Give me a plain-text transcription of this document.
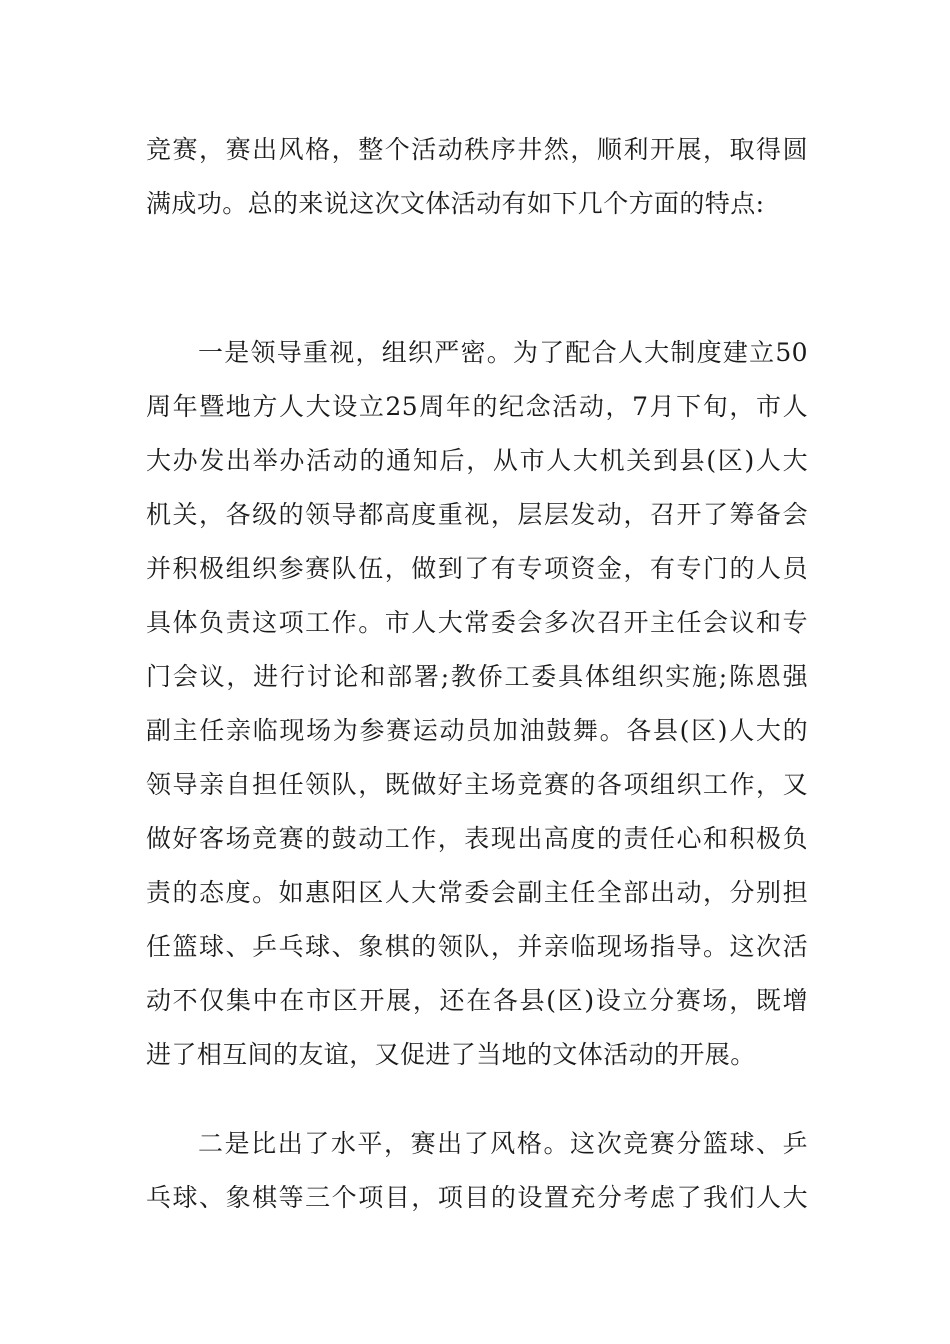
竞赛，赛出风格，整个活动秩序井然，顺利开展，取得圆
满成功。总的来说这次文体活动有如下几个方面的特点:
一是领导重视，组织严密。为了配合人大制度建立50
周年暨地方人大设立25周年的纪念活动，7月下旬，市人
大办发出举办活动的通知后，从市人大机关到县(区)人大
机关，各级的领导都高度重视，层层发动，召开了筹备会
并积极组织参赛队伍，做到了有专项资金，有专门的人员
具体负责这项工作。市人大常委会多次召开主任会议和专
门会议，进行讨论和部署;教侨工委具体组织实施;陈恩强
副主任亲临现场为参赛运动员加油鼓舞。各县(区)人大的
领导亲自担任领队，既做好主场竞赛的各项组织工作，又
做好客场竞赛的鼓动工作，表现出高度的责任心和积极负
责的态度。如惠阳区人大常委会副主任全部出动，分别担
任篮球、乒乓球、象棋的领队，并亲临现场指导。这次活
动不仅集中在市区开展，还在各县(区)设立分赛场，既增
进了相互间的友谊，又促进了当地的文体活动的开展。
二是比出了水平，赛出了风格。这次竞赛分篮球、乒
乓球、象棋等三个项目，项目的设置充分考虑了我们人大
